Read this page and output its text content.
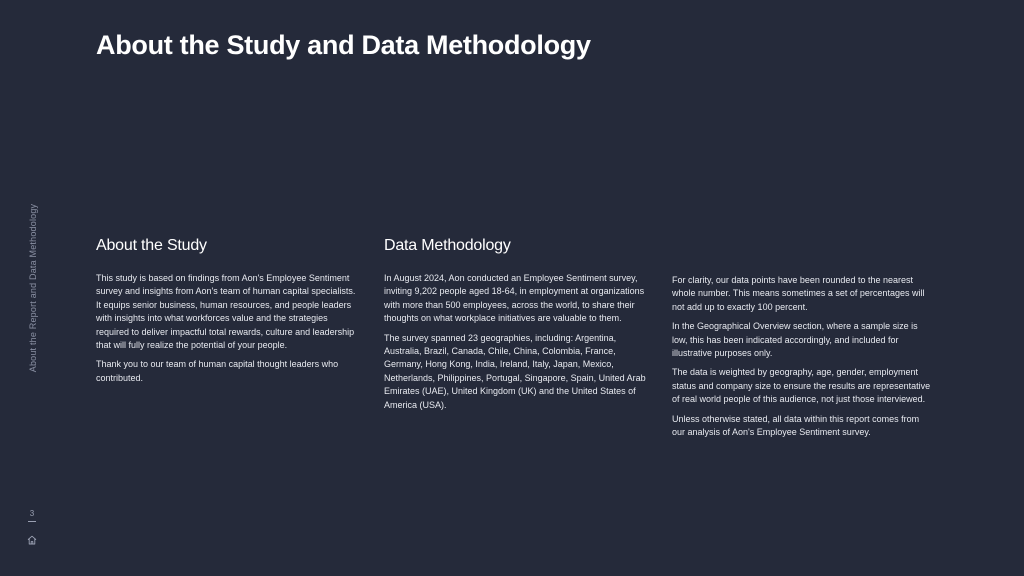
About the Study and Data Methodology
About the Report and Data Methodology
3
About the Study

This study is based on findings from Aon's Employee Sentiment survey and insights from Aon's team of human capital specialists. It equips senior business, human resources, and people leaders with insights into what workforces value and the strategies required to deliver impactful total rewards, culture and leadership that will fully realize the potential of your people.

Thank you to our team of human capital thought leaders who contributed.

Data Methodology

In August 2024, Aon conducted an Employee Sentiment survey, inviting 9,202 people aged 18-64, in employment at organizations with more than 500 employees, across the world, to share their thoughts on what workplace initiatives are valuable to them.

The survey spanned 23 geographies, including: Argentina, Australia, Brazil, Canada, Chile, China, Colombia, France, Germany, Hong Kong, India, Ireland, Italy, Japan, Mexico, Netherlands, Philippines, Portugal, Singapore, Spain, United Arab Emirates (UAE), United Kingdom (UK) and the United States of America (USA).

For clarity, our data points have been rounded to the nearest whole number. This means sometimes a set of percentages will not add up to exactly 100 percent.

In the Geographical Overview section, where a sample size is low, this has been indicated accordingly, and included for illustrative purposes only.

The data is weighted by geography, age, gender, employment status and company size to ensure the results are representative of real world people of this audience, not just those interviewed.

Unless otherwise stated, all data within this report comes from our analysis of Aon's Employee Sentiment survey.
